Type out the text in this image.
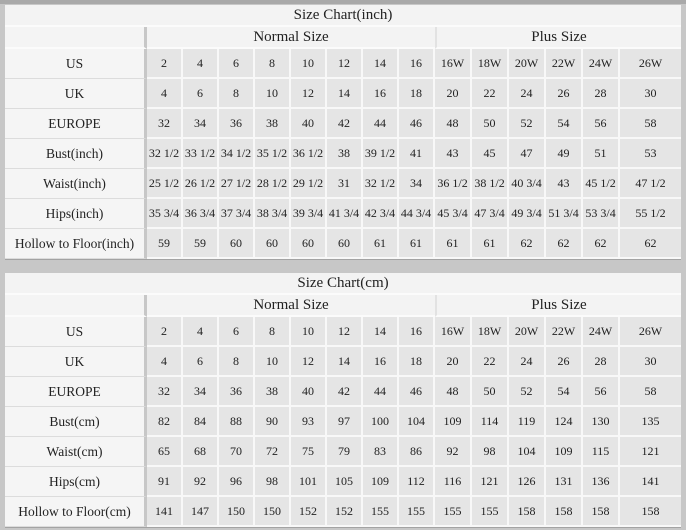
Size Chart(inch)
	Normal Size								Plus Size					
US	2	4	6	8	10	12	14	16	16W	18W	20W	22W	24W	26W
UK	4	6	8	10	12	14	16	18	20	22	24	26	28	30
EUROPE	32	34	36	38	40	42	44	46	48	50	52	54	56	58
Bust(inch)	32 1/2	33 1/2	34 1/2	35 1/2	36 1/2	38	39 1/2	41	43	45	47	49	51	53
Waist(inch)	25 1/2	26 1/2	27 1/2	28 1/2	29 1/2	31	32 1/2	34	36 1/2	38 1/2	40 3/4	43	45 1/2	47 1/2
Hips(inch)	35 3/4	36 3/4	37 3/4	38 3/4	39 3/4	41 3/4	42 3/4	44 3/4	45 3/4	47 3/4	49 3/4	51 3/4	53 3/4	55 1/2
Hollow to Floor(inch)	59	59	60	60	60	60	61	61	61	61	62	62	62	62
Size Chart(cm)
	Normal Size								Plus Size					
US	2	4	6	8	10	12	14	16	16W	18W	20W	22W	24W	26W
UK	4	6	8	10	12	14	16	18	20	22	24	26	28	30
EUROPE	32	34	36	38	40	42	44	46	48	50	52	54	56	58
Bust(cm)	82	84	88	90	93	97	100	104	109	114	119	124	130	135
Waist(cm)	65	68	70	72	75	79	83	86	92	98	104	109	115	121
Hips(cm)	91	92	96	98	101	105	109	112	116	121	126	131	136	141
Hollow to Floor(cm)	141	147	150	150	152	152	155	155	155	155	158	158	158	158
